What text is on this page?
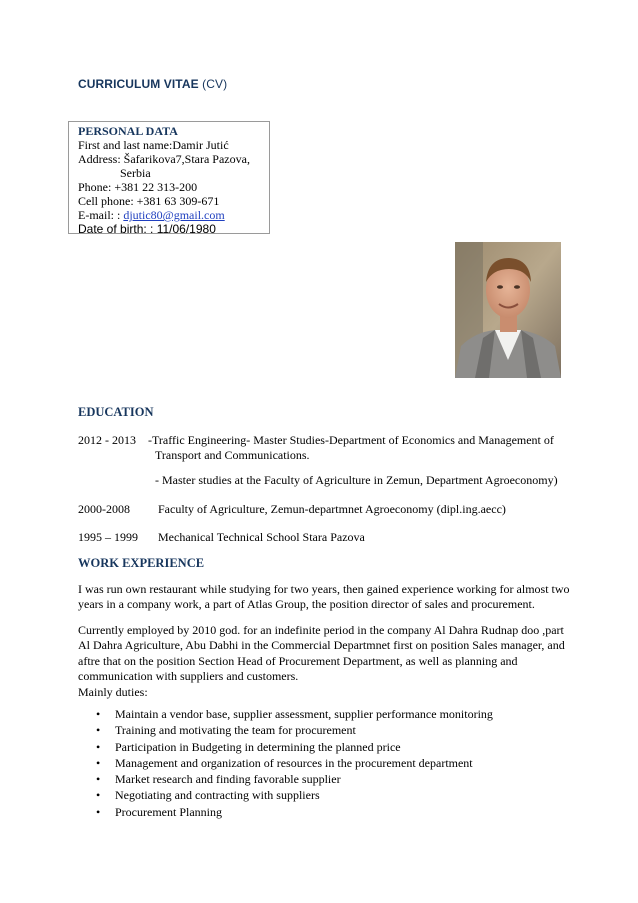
CURRICULUM VITAE (CV)
PERSONAL DATA
First and last name:Damir Jutić
Address: Šafarikova7,Stara Pazova,
Serbia
Phone: +381 22 313-200
Cell phone: +381 63 309-671
E-mail: : djutic80@gmail.com
Date of birth: : 11/06/1980
EDUCATION
2012 - 2013 -Traffic Engineering- Master Studies-Department of Economics and Management of
Transport and Communications.
- Master studies at the Faculty of Agriculture in Zemun, Department Agroeconomy)
2000-2008 Faculty of Agriculture, Zemun-departmnet Agroeconomy (dipl.ing.aecc)
1995 – 1999 Mechanical Technical School Stara Pazova
WORK EXPERIENCE
I was run own restaurant while studying for two years, then gained experience working for almost two
years in a company work, a part of Atlas Group, the position director of sales and procurement.
Currently employed by 2010 god. for an indefinite period in the company Al Dahra Rudnap doo ,part
Al Dahra Agriculture, Abu Dabhi in the Commercial Departmnet first on position Sales manager, and
aftre that on the position Section Head of Procurement Department, as well as planning and
communication with suppliers and customers.
Mainly duties:
• Maintain a vendor base, supplier assessment, supplier performance monitoring
• Training and motivating the team for procurement
• Participation in Budgeting in determining the planned price
• Management and organization of resources in the procurement department
• Market research and finding favorable supplier
• Negotiating and contracting with suppliers
• Procurement Planning
